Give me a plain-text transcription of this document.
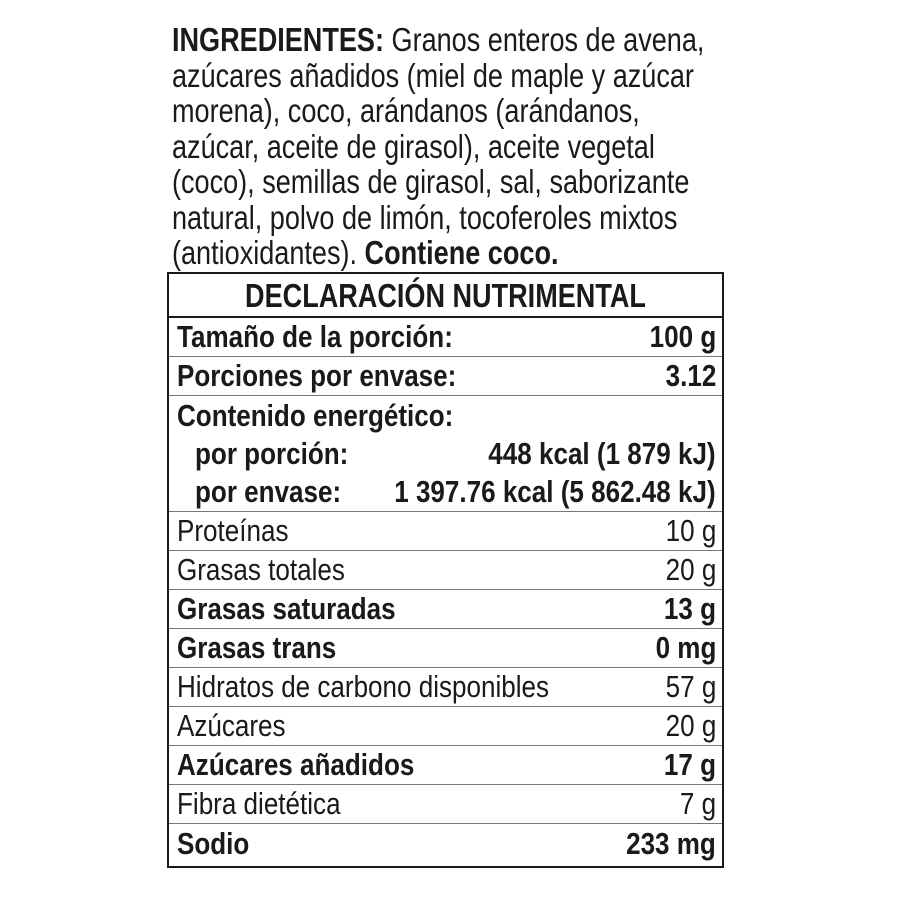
INGREDIENTES: Granos enteros de avena, azúcares añadidos (miel de maple y azúcar morena), coco, arándanos (arándanos, azúcar, aceite de girasol), aceite vegetal (coco), semillas de girasol, sal, saborizante natural, polvo de limón, tocoferoles mixtos (antioxidantes). Contiene coco.
DECLARACIÓN NUTRIMENTAL
Tamaño de la porción:	100 g
Porciones por envase:	3.12
Contenido energético:
por porción:	448 kcal (1 879 kJ)
por envase: 1 397.76 kcal (5 862.48 kJ)
Proteínas	10 g
Grasas totales	20 g
Grasas saturadas	13 g
Grasas trans	0 mg
Hidratos de carbono disponibles	57 g
Azúcares	20 g
Azúcares añadidos	17 g
Fibra dietética	7 g
Sodio	233 mg
